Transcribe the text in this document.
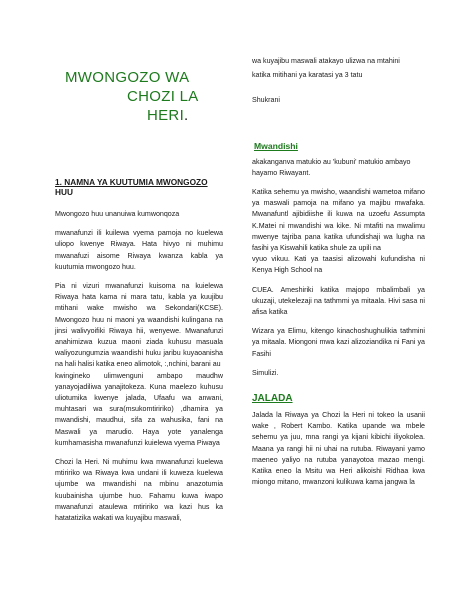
MWONGOZO WA
CHOZI LA
HERI.
1. NAMNA YA KUUTUMIA MWONGOZO
HUU

Mwongozo huu unanuiwa kumwonqoza

mwanafunzi ili kuilewa vyema pamoja no kuelewa uliopo kwenye Riwaya. Hata hivyo ni muhimu mwanafuzi aisome Riwaya kwanza kabla ya kuutumia mwongozo huu.

Pia ni vizuri mwanafunzi kuisoma na kuielewa Riwaya hata kama ni mara tatu, kabla ya kuujibu mtihani wake mwisho wa Sekondari(KCSE). Mwongozo huu ni maoni ya waandishi kulingana na jinsi walivyoifiki Riwaya hii, wenyewe. Mwanafunzi anahimizwa kuzua maoni ziada kuhusu masuala waliyozungumzia waandishi huku jaribu kuyaoanisha na hali halisi katika eneo alimotok, :,nchini, barani au

kwingineko ulimwenguni ambapo maudhw yanayojadiliwa yanajitokeza. Kuna maelezo kuhusu uliotumika kwenye jalada, Ufaafu wa anwani, muhtasari wa sura(msukomtiririko) ,dhamira ya mwandishi, maudhui, sifa za wahusika, fani na Maswali ya marudio. Haya yote yanalenga kumhamasisha mwanafunzi kuielewa vyema Piwaya

Chozi la Heri. Ni muhimu kwa mwanafunzi kuelewa mtiririko wa Riwaya kwa undani ili kuweza kuelewa ujumbe wa mwandishi na mbinu anazotumia kuubainisha ujumbe huo. Fahamu kuwa iwapo mwanafunzi ataulewa mtiririko wa kazi hus ka hatatatizika wakati wa kuyajibu maswali,

wa kuyajibu maswali atakayo ulizwa na mtahini

katika mitihani ya karatasi ya 3 tatu

Shukrani

Mwandishi

akakanganva matukio au 'kubuni' matukio ambayo hayamo Riwayant.

Katika sehemu ya mwisho, waandishi wametoa mifano ya maswali pamoja na mifano ya majibu mwafaka. Mwanafuntl ajibidiishe ili kuwa na uzoefu Assumpta K.Matei ni mwandishi wa kike. Ni mtafiti na mwalimu mwenye tajriba pana katika ufundishaji wa lugha na fasihi ya Kiswahili katika shule za upili na

vyuo vikuu. Kati ya taasisi alizowahi kufundisha ni Kenya High School na

CUEA. Ameshiriki katika majopo mbalimbali ya ukuzaji, utekelezaji na tathmmi ya mitaala. Hivi sasa ni afisa katika

Wizara ya Elimu, kitengo kinachoshughulikia tathmini ya mitaala. Miongoni mwa kazi alizoziandika ni Fani ya Fasihi

Simulizi.

JALADA

Jalada la Riwaya ya Chozi la Heri ni tokeo la usanii wake , Robert Kambo. Katika upande wa mbele sehemu ya juu, mna rangi ya kijani kibichi iliyokolea. Maana ya rangi hii ni uhai na rutuba. Riwayani yamo maeneo yaliyo na rutuba yanayotoa mazao mengi. Katika eneo la Msitu wa Heri alikoishi Ridhaa kwa miongo mitano, mwanzoni kulikuwa kama jangwa la
